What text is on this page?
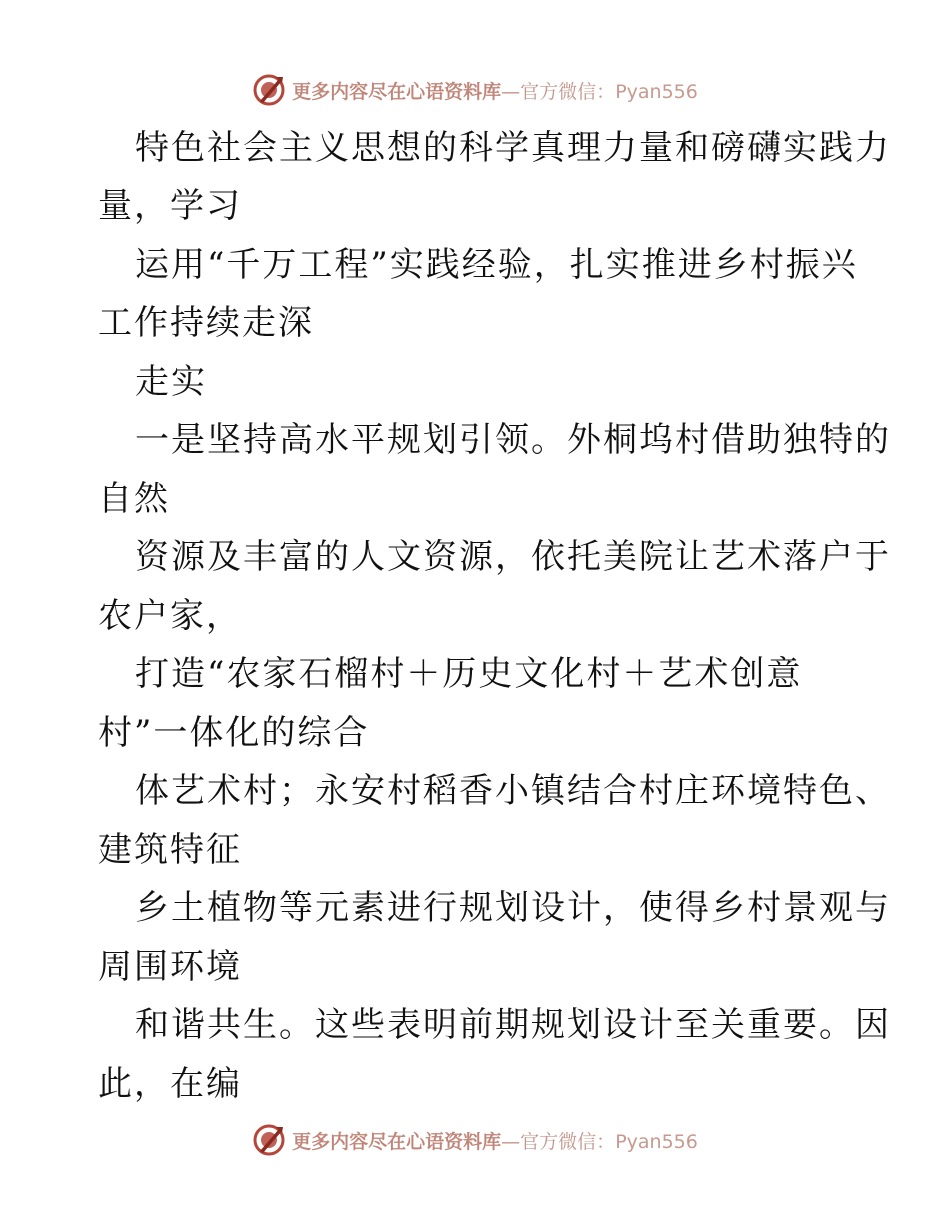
更多内容尽在心语资料库—官方微信：Pyan556
特色社会主义思想的科学真理力量和磅礴实践力
量，学习
运用“千万工程”实践经验，扎实推进乡村振兴
工作持续走深
走实
一是坚持高水平规划引领。外桐坞村借助独特的
自然
资源及丰富的人文资源，依托美院让艺术落户于
农户家，
打造“农家石榴村＋历史文化村＋艺术创意
村”一体化的综合
体艺术村；永安村稻香小镇结合村庄环境特色、
建筑特征
乡土植物等元素进行规划设计，使得乡村景观与
周围环境
和谐共生。这些表明前期规划设计至关重要。因
此，在编
更多内容尽在心语资料库—官方微信：Pyan556
